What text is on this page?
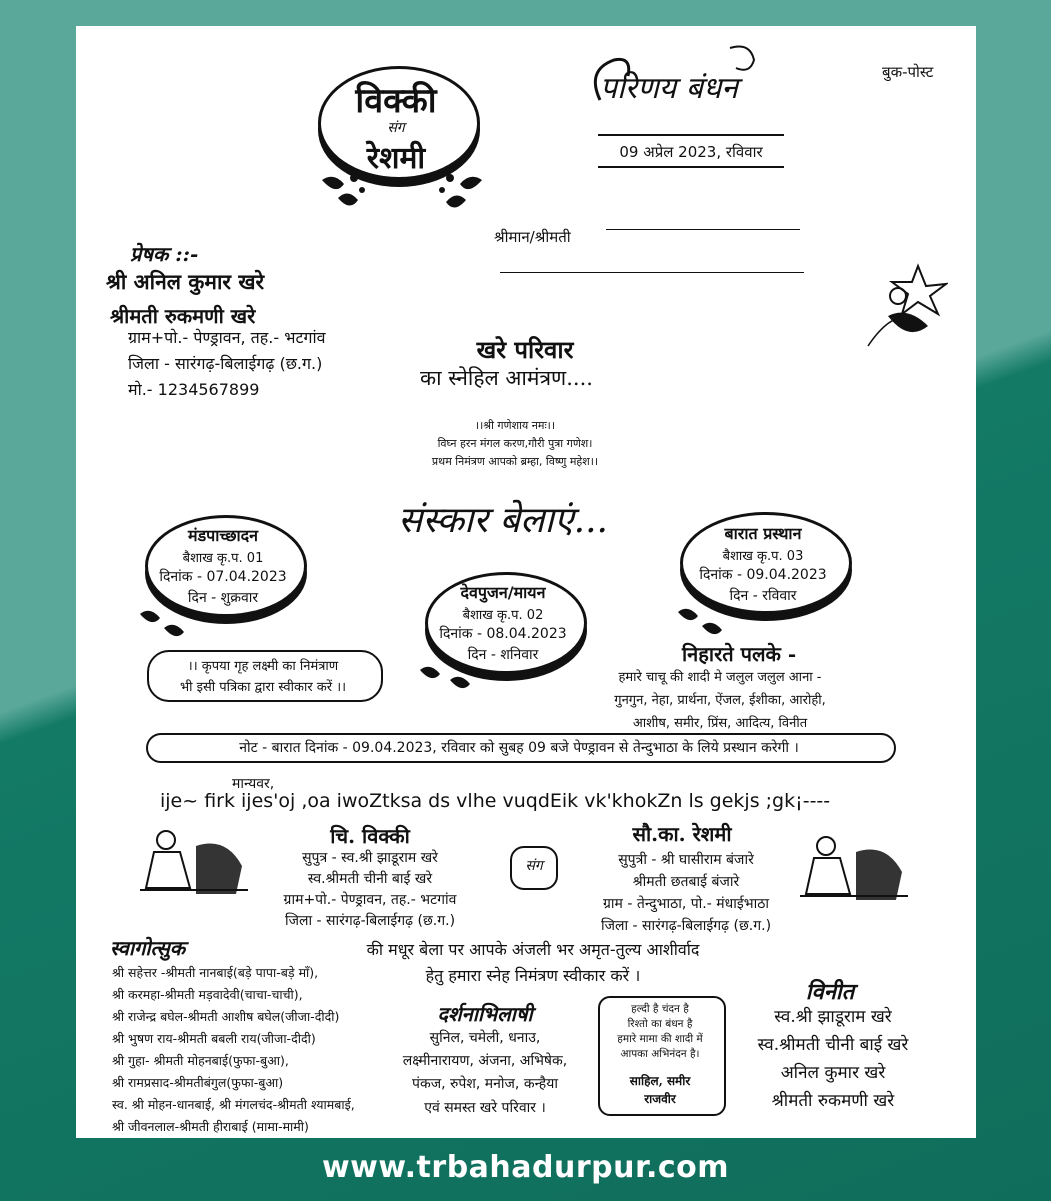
विक्की
संग
रेशमी
परिणय बंधन
09 अप्रेल 2023, रविवार
बुक-पोस्ट
श्रीमान/श्रीमती
प्रेषक ::-
श्री अनिल कुमार खरे
श्रीमती रुकमणी खरे
ग्राम+पो.- पेण्ड्रावन, तह.- भटगांव
जिला - सारंगढ़-बिलाईगढ़ (छ.ग.)
मो.- 1234567899
खरे परिवार
का स्नेहिल आमंत्रण....
।।श्री गणेशाय नमः।।
विघ्न हरन मंगल करण,गौरी पुत्रा गणेश।
प्रथम निमंत्रण आपको ब्रम्हा, विष्णु महेश।।
संस्कार बेलाएं...
मंडपाच्छादन
बैशाख कृ.प. 01
दिनांक - 07.04.2023
दिन - शुक्रवार	देवपुजन/मायन
बैशाख कृ.प. 02
दिनांक - 08.04.2023
दिन - शनिवार
बारात प्रस्थान
बैशाख कृ.प. 03
दिनांक - 09.04.2023
दिन - रविवार
।। कृपया गृह लक्ष्मी का निमंत्राण
भी इसी पत्रिका द्वारा स्वीकार करें ।।
निहारते पलके -
हमारे चाचू की शादी मे जलुल जलुल आना -
गुनगुन, नेहा, प्रार्थना, ऐंजल, ईशीका, आरोही,
आशीष, समीर, प्रिंस, आदित्य, विनीत
नोट - बारात दिनांक - 09.04.2023, रविवार को सुबह 09 बजे पेण्ड्रावन से तेन्दुभाठा के लिये प्रस्थान करेगी ।
मान्यवर,
ije~ firk ijes'oj ,oa iwoZtksa ds vlhe vuqdEik vk'khokZn ls gekjs ;gk¡----
चि. विक्की
सुपुत्र - स्व.श्री झाडूराम खरे
स्व.श्रीमती चीनी बाई खरे
ग्राम+पो.- पेण्ड्रावन, तह.- भटगांव
जिला - सारंगढ़-बिलाईगढ़ (छ.ग.)
संग
सौ.का. रेशमी
सुपुत्री - श्री घासीराम बंजारे
श्रीमती छतबाई बंजारे
ग्राम - तेन्दुभाठा, पो.- मंधाईभाठा
जिला - सारंगढ़-बिलाईगढ़ (छ.ग.)
स्वागोत्सुक
श्री सहेत्तर -श्रीमती नानबाई(बड़े पापा-बड़े माँ),
श्री करमहा-श्रीमती मड़वादेवी(चाचा-चाची),
श्री राजेन्द्र बघेल-श्रीमती आशीष बघेल(जीजा-दीदी)
श्री भुषण राय-श्रीमती बबली राय(जीजा-दीदी)
श्री गुहा- श्रीमती मोहनबाई(फुफा-बुआ),
श्री रामप्रसाद-श्रीमतीबंगुल(फुफा-बुआ)
स्व. श्री मोहन-धानबाई, श्री मंगलचंद-श्रीमती श्यामबाई,
श्री जीवनलाल-श्रीमती हीराबाई (मामा-मामी)
की मधूर बेला पर आपके अंजली भर अमृत-तुल्य आशीर्वाद
हेतु हमारा स्नेह निमंत्रण स्वीकार करें ।
दर्शनाभिलाषी
सुनिल, चमेली, धनाउ,
लक्ष्मीनारायण, अंजना, अभिषेक,
पंकज, रुपेश, मनोज, कन्हैया
एवं समस्त खरे परिवार ।
हल्दी है चंदन है
रिश्तो का बंधन है
हमारे मामा की शादी में
आपका अभिनंदन है।
साहिल, समीर
राजवीर
विनीत
स्व.श्री झाडूराम खरे
स्व.श्रीमती चीनी बाई खरे
अनिल कुमार खरे
श्रीमती रुकमणी खरे
www.trbahadurpur.com
